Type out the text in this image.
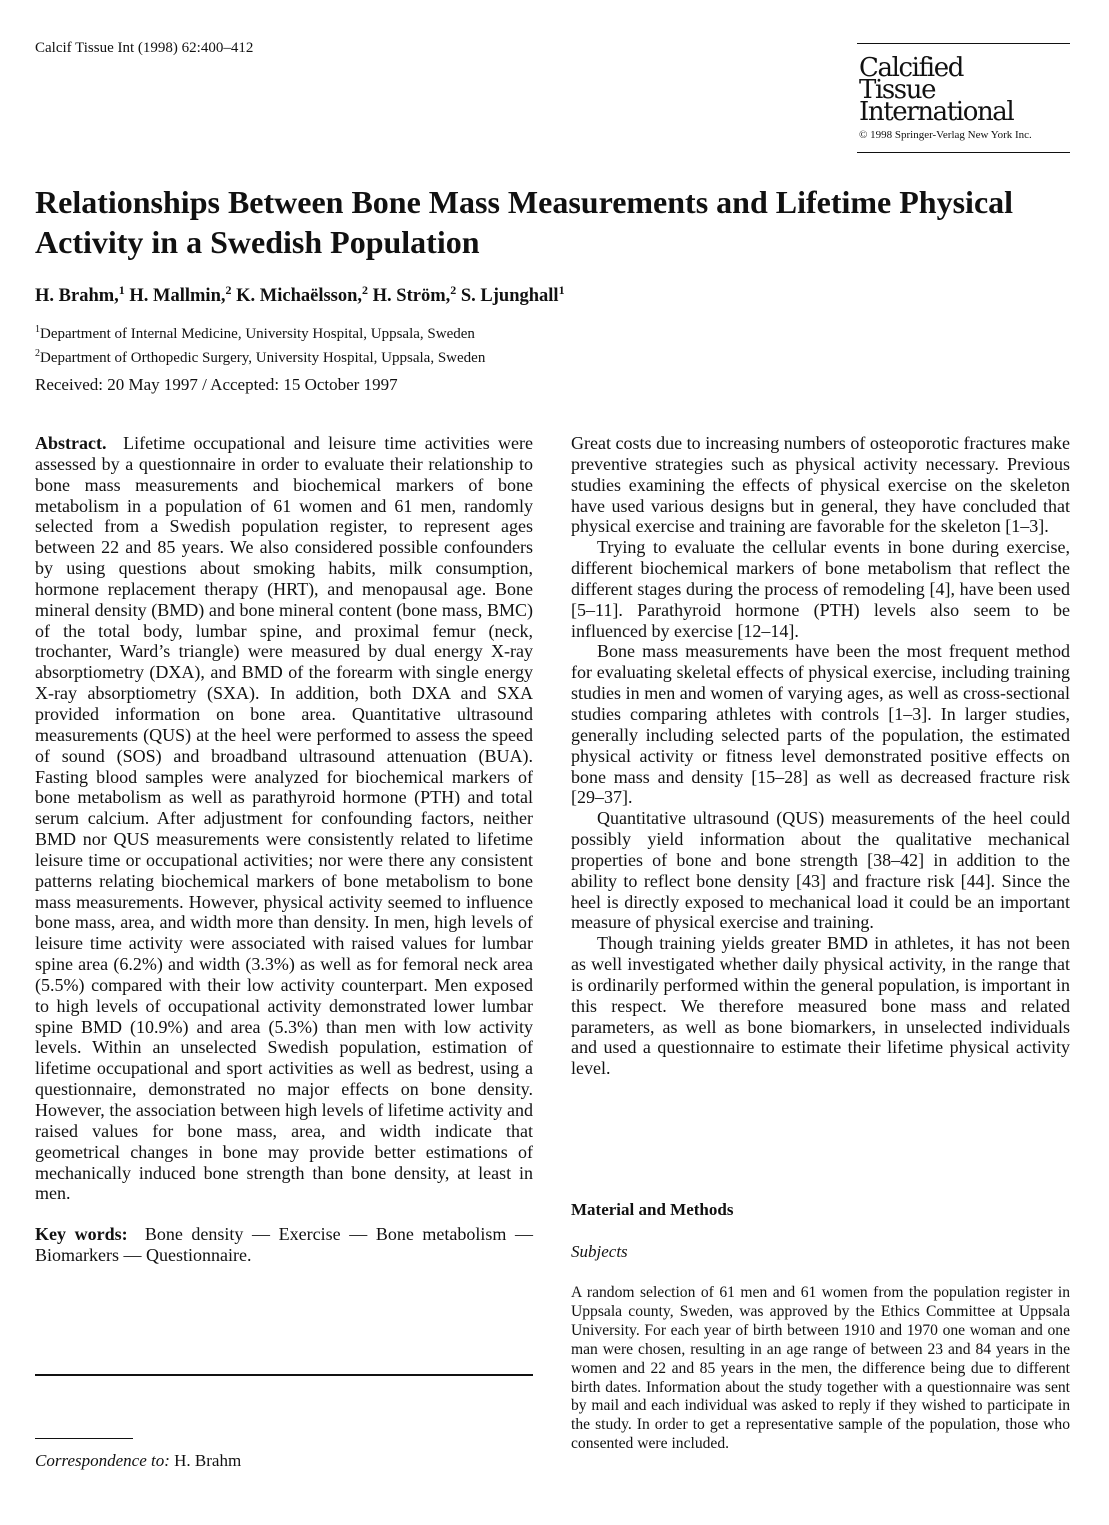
Calcif Tissue Int (1998) 62:400–412
Calcified
Tissue
International
© 1998 Springer-Verlag New York Inc.
Relationships Between Bone Mass Measurements and Lifetime Physical Activity in a Swedish Population
H. Brahm,$^1$ H. Mallmin,$^2$ K. Michaëlsson,$^2$ H. Ström,$^2$ S. Ljunghall$^1$
$^1$Department of Internal Medicine, University Hospital, Uppsala, Sweden
$^2$Department of Orthopedic Surgery, University Hospital, Uppsala, Sweden
Received: 20 May 1997 / Accepted: 15 October 1997

Abstract. Lifetime occupational and leisure time activities were assessed by a questionnaire in order to evaluate their relationship to bone mass measurements and biochemical markers of bone metabolism in a population of 61 women and 61 men, randomly selected from a Swedish population register, to represent ages between 22 and 85 years. We also considered possible confounders by using questions about smoking habits, milk consumption, hormone replacement therapy (HRT), and menopausal age. Bone mineral density (BMD) and bone mineral content (bone mass, BMC) of the total body, lumbar spine, and proximal femur (neck, trochanter, Ward’s triangle) were measured by dual energy X-ray absorptiometry (DXA), and BMD of the forearm with single energy X-ray absorptiometry (SXA). In addition, both DXA and SXA provided information on bone area. Quantitative ultrasound measurements (QUS) at the heel were performed to assess the speed of sound (SOS) and broadband ultrasound attenuation (BUA). Fasting blood samples were analyzed for biochemical markers of bone metabolism as well as parathyroid hormone (PTH) and total serum calcium. After adjustment for confounding factors, neither BMD nor QUS measurements were consistently related to lifetime leisure time or occupational activities; nor were there any consistent patterns relating biochemical markers of bone metabolism to bone mass measurements. However, physical activity seemed to influence bone mass, area, and width more than density. In men, high levels of leisure time activity were associated with raised values for lumbar spine area (6.2%) and width (3.3%) as well as for femoral neck area (5.5%) compared with their low activity counterpart. Men exposed to high levels of occupational activity demonstrated lower lumbar spine BMD (10.9%) and area (5.3%) than men with low activity levels. Within an unselected Swedish population, estimation of lifetime occupational and sport activities as well as bedrest, using a questionnaire, demonstrated no major effects on bone density. However, the association between high levels of lifetime activity and raised values for bone mass, area, and width indicate that geometrical changes in bone may provide better estimations of mechanically induced bone strength than bone density, at least in men.

Key words: Bone density — Exercise — Bone metabolism — Biomarkers — Questionnaire.

Correspondence to: H. Brahm

Great costs due to increasing numbers of osteoporotic fractures make preventive strategies such as physical activity necessary. Previous studies examining the effects of physical exercise on the skeleton have used various designs but in general, they have concluded that physical exercise and training are favorable for the skeleton [1–3].

Trying to evaluate the cellular events in bone during exercise, different biochemical markers of bone metabolism that reflect the different stages during the process of remodeling [4], have been used [5–11]. Parathyroid hormone (PTH) levels also seem to be influenced by exercise [12–14].

Bone mass measurements have been the most frequent method for evaluating skeletal effects of physical exercise, including training studies in men and women of varying ages, as well as cross-sectional studies comparing athletes with controls [1–3]. In larger studies, generally including selected parts of the population, the estimated physical activity or fitness level demonstrated positive effects on bone mass and density [15–28] as well as decreased fracture risk [29–37].

Quantitative ultrasound (QUS) measurements of the heel could possibly yield information about the qualitative mechanical properties of bone and bone strength [38–42] in addition to the ability to reflect bone density [43] and fracture risk [44]. Since the heel is directly exposed to mechanical load it could be an important measure of physical exercise and training.

Though training yields greater BMD in athletes, it has not been as well investigated whether daily physical activity, in the range that is ordinarily performed within the general population, is important in this respect. We therefore measured bone mass and related parameters, as well as bone biomarkers, in unselected individuals and used a questionnaire to estimate their lifetime physical activity level.

Material and Methods
Subjects

A random selection of 61 men and 61 women from the population register in Uppsala county, Sweden, was approved by the Ethics Committee at Uppsala University. For each year of birth between 1910 and 1970 one woman and one man were chosen, resulting in an age range of between 23 and 84 years in the women and 22 and 85 years in the men, the difference being due to different birth dates. Information about the study together with a questionnaire was sent by mail and each individual was asked to reply if they wished to participate in the study. In order to get a representative sample of the population, those who consented were included.
